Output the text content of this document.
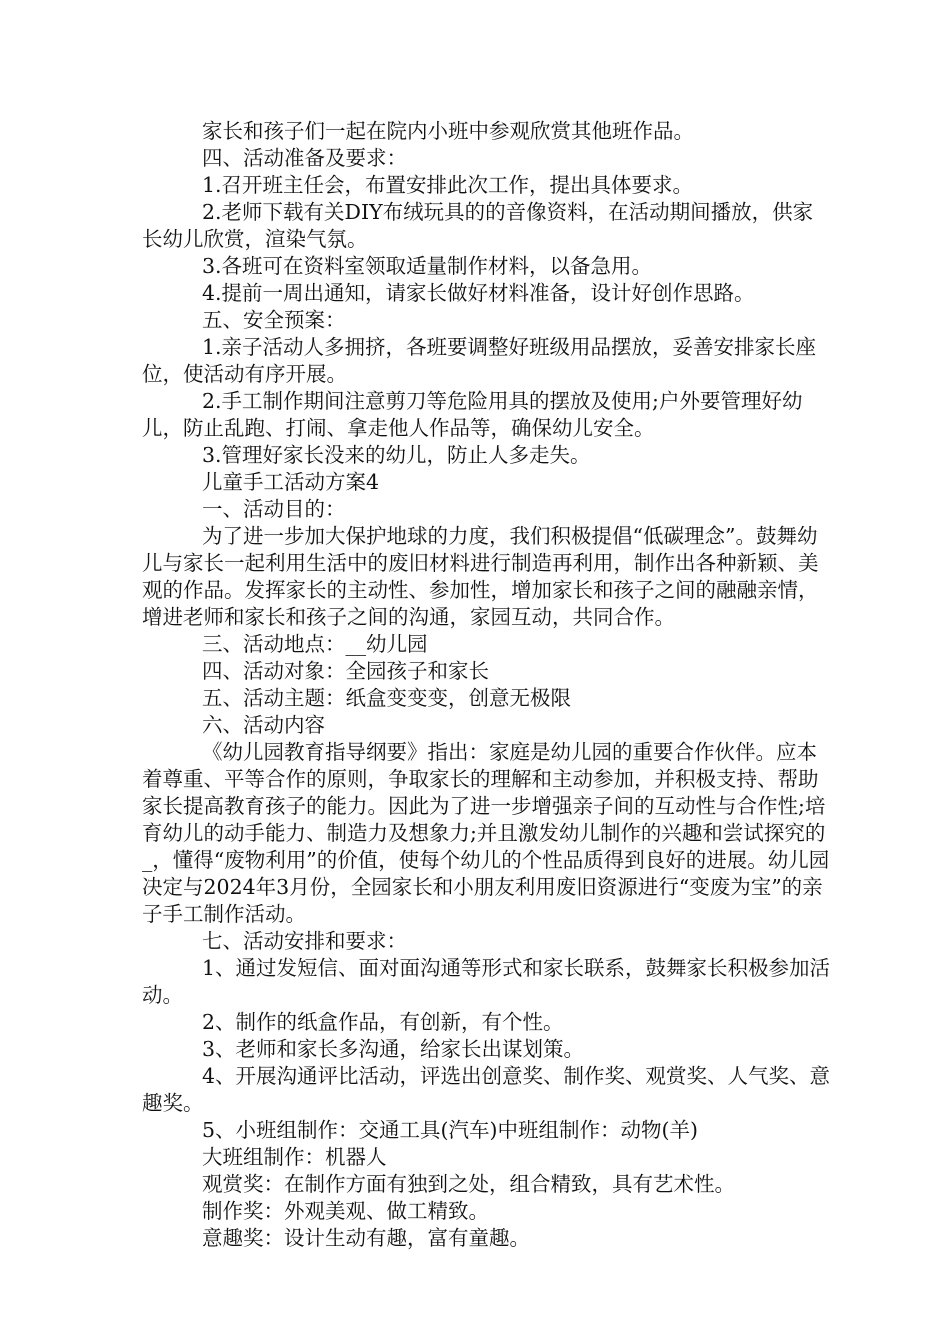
家长和孩子们一起在院内小班中参观欣赏其他班作品。

四、活动准备及要求：

1.召开班主任会，布置安排此次工作，提出具体要求。

2.老师下载有关DIY布绒玩具的的音像资料，在活动期间播放，供家长幼儿欣赏，渲染气氛。

3.各班可在资料室领取适量制作材料，以备急用。

4.提前一周出通知，请家长做好材料准备，设计好创作思路。

五、安全预案：

1.亲子活动人多拥挤，各班要调整好班级用品摆放，妥善安排家长座位，使活动有序开展。

2.手工制作期间注意剪刀等危险用具的摆放及使用;户外要管理好幼儿，防止乱跑、打闹、拿走他人作品等，确保幼儿安全。

3.管理好家长没来的幼儿，防止人多走失。

儿童手工活动方案4

一、活动目的：

为了进一步加大保护地球的力度，我们积极提倡“低碳理念”。鼓舞幼儿与家长一起利用生活中的废旧材料进行制造再利用，制作出各种新颖、美观的作品。发挥家长的主动性、参加性，增加家长和孩子之间的融融亲情，增进老师和家长和孩子之间的沟通，家园互动，共同合作。

三、活动地点：__幼儿园

四、活动对象：全园孩子和家长

五、活动主题：纸盒变变变，创意无极限

六、活动内容

《幼儿园教育指导纲要》指出：家庭是幼儿园的重要合作伙伴。应本着尊重、平等合作的原则，争取家长的理解和主动参加，并积极支持、帮助家长提高教育孩子的能力。因此为了进一步增强亲子间的互动性与合作性;培育幼儿的动手能力、制造力及想象力;并且激发幼儿制作的兴趣和尝试探究的_，懂得“废物利用”的价值，使每个幼儿的个性品质得到良好的进展。幼儿园决定与2024年3月份，全园家长和小朋友利用废旧资源进行“变废为宝”的亲子手工制作活动。

七、活动安排和要求：

1、通过发短信、面对面沟通等形式和家长联系，鼓舞家长积极参加活动。

2、制作的纸盒作品，有创新，有个性。

3、老师和家长多沟通，给家长出谋划策。

4、开展沟通评比活动，评选出创意奖、制作奖、观赏奖、人气奖、意趣奖。

5、小班组制作：交通工具(汽车)中班组制作：动物(羊)

大班组制作：机器人

观赏奖：在制作方面有独到之处，组合精致，具有艺术性。

制作奖：外观美观、做工精致。

意趣奖：设计生动有趣，富有童趣。
